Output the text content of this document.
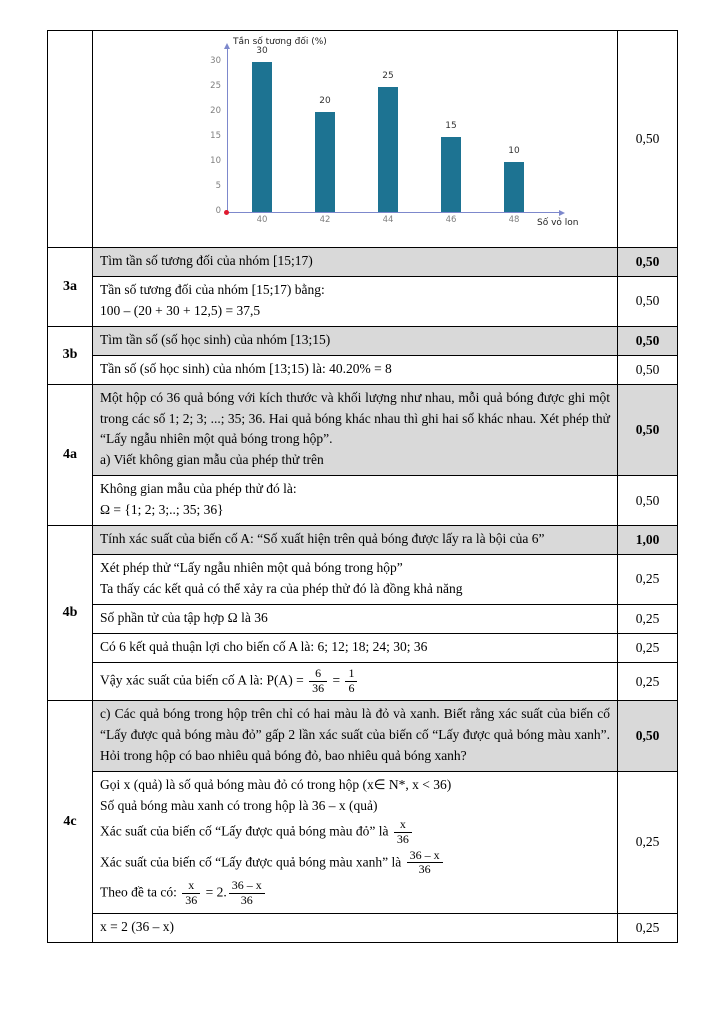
Tần số tương đối (%)
Số vỏ lon
0
5
10
15
20
25
30
30
40
20
42
25
44
15
46
10
48
	0,50
3a	Tìm tần số tương đối của nhóm [15;17)	0,50

	Tần số tương đối của nhóm [15;17) bằng:
100 – (20 + 30 + 12,5) = 37,5	0,50
3b	Tìm tần số (số học sinh) của nhóm [13;15)	0,50

	Tần số (số học sinh) của nhóm [13;15) là: 40.20% = 8	0,50
4a	Một hộp có 36 quả bóng với kích thước và khối lượng như nhau, mỗi quả bóng được ghi một trong các số 1; 2; 3; ...; 35; 36. Hai quả bóng khác nhau thì ghi hai số khác nhau. Xét phép thử “Lấy ngẫu nhiên một quả bóng trong hộp”.
a) Viết không gian mẫu của phép thử trên	0,50

	Không gian mẫu của phép thử đó là:
Ω = {1; 2; 3;..; 35; 36}	0,50
4b	Tính xác suất của biến cố A: “Số xuất hiện trên quả bóng được lấy ra là bội của 6”	1,00

	Xét phép thử “Lấy ngẫu nhiên một quả bóng trong hộp”
Ta thấy các kết quả có thể xảy ra của phép thử đó là đồng khả năng	0,25

	Số phần tử của tập hợp Ω là 36	0,25

	Có 6 kết quả thuận lợi cho biến cố A là: 6; 12; 18; 24; 30; 36	0,25

Vậy xác suất của biến cố A là: $P(A) = \frac{6}{36} = \frac{1}{6}$	0,25
4c	c) Các quả bóng trong hộp trên chỉ có hai màu là đỏ và xanh. Biết rằng xác suất của biến cố “Lấy được quả bóng màu đỏ” gấp 2 lần xác suất của biến cố “Lấy được quả bóng màu xanh”. Hỏi trong hộp có bao nhiêu quả bóng đỏ, bao nhiêu quả bóng xanh?	0,50

Gọi x (quả) là số quả bóng màu đỏ có trong hộp (x∈ N*, x < 36)
Số quả bóng màu xanh có trong hộp là 36 – x (quả)
Xác suất của biến cố “Lấy được quả bóng màu đỏ” là $\frac{x}{36}$
Xác suất của biến cố “Lấy được quả bóng màu xanh” là $\frac{36 - x}{36}$
Theo đề ta có: $\frac{x}{36} = 2$. $\frac{36 - x}{36}$
	0,25

	x = 2 (36 – x)	0,25
